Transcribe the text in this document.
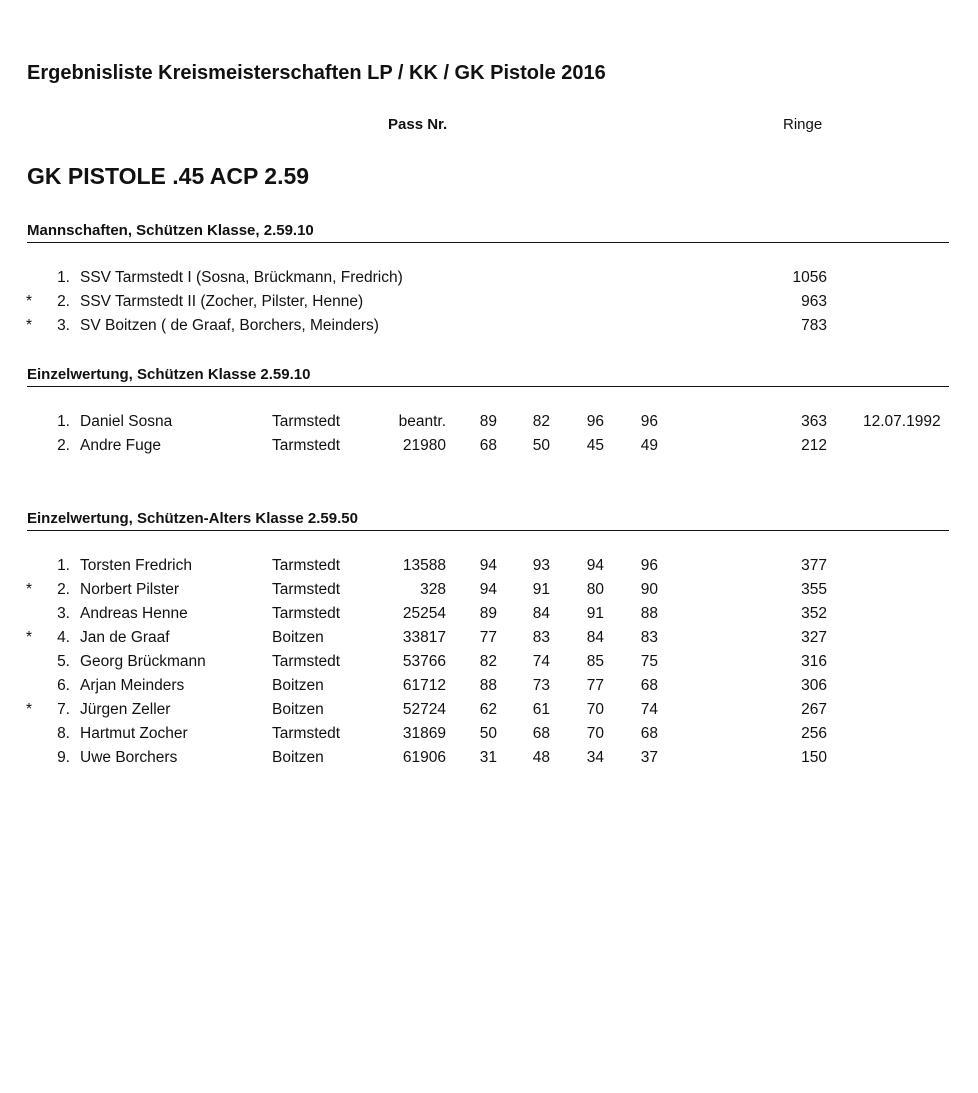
Ergebnisliste Kreismeisterschaften LP / KK / GK Pistole 2016
Pass Nr.	Ringe
GK PISTOLE .45 ACP 2.59
Mannschaften, Schützen Klasse, 2.59.10
1. SSV Tarmstedt I (Sosna, Brückmann, Fredrich)	1056
* 2. SSV Tarmstedt II (Zocher, Pilster, Henne)	963
* 3. SV Boitzen ( de Graaf, Borchers, Meinders)	783
Einzelwertung, Schützen Klasse 2.59.10
1. Daniel Sosna	Tarmstedt	beantr. 89 82 96 96	363 12.07.1992
2. Andre Fuge	Tarmstedt	21980 68 50 45 49	212
Einzelwertung, Schützen-Alters Klasse 2.59.50
1. Torsten Fredrich	Tarmstedt	13588 94 93 94 96	377
* 2. Norbert Pilster	Tarmstedt	328 94 91 80 90	355
3. Andreas Henne	Tarmstedt	25254 89 84 91 88	352
* 4. Jan de Graaf	Boitzen	33817 77 83 84 83	327
5. Georg Brückmann	Tarmstedt	53766 82 74 85 75	316
6. Arjan Meinders	Boitzen	61712 88 73 77 68	306
* 7. Jürgen Zeller	Boitzen	52724 62 61 70 74	267
8. Hartmut Zocher	Tarmstedt	31869 50 68 70 68	256
9. Uwe Borchers	Boitzen	61906 31 48 34 37	150
